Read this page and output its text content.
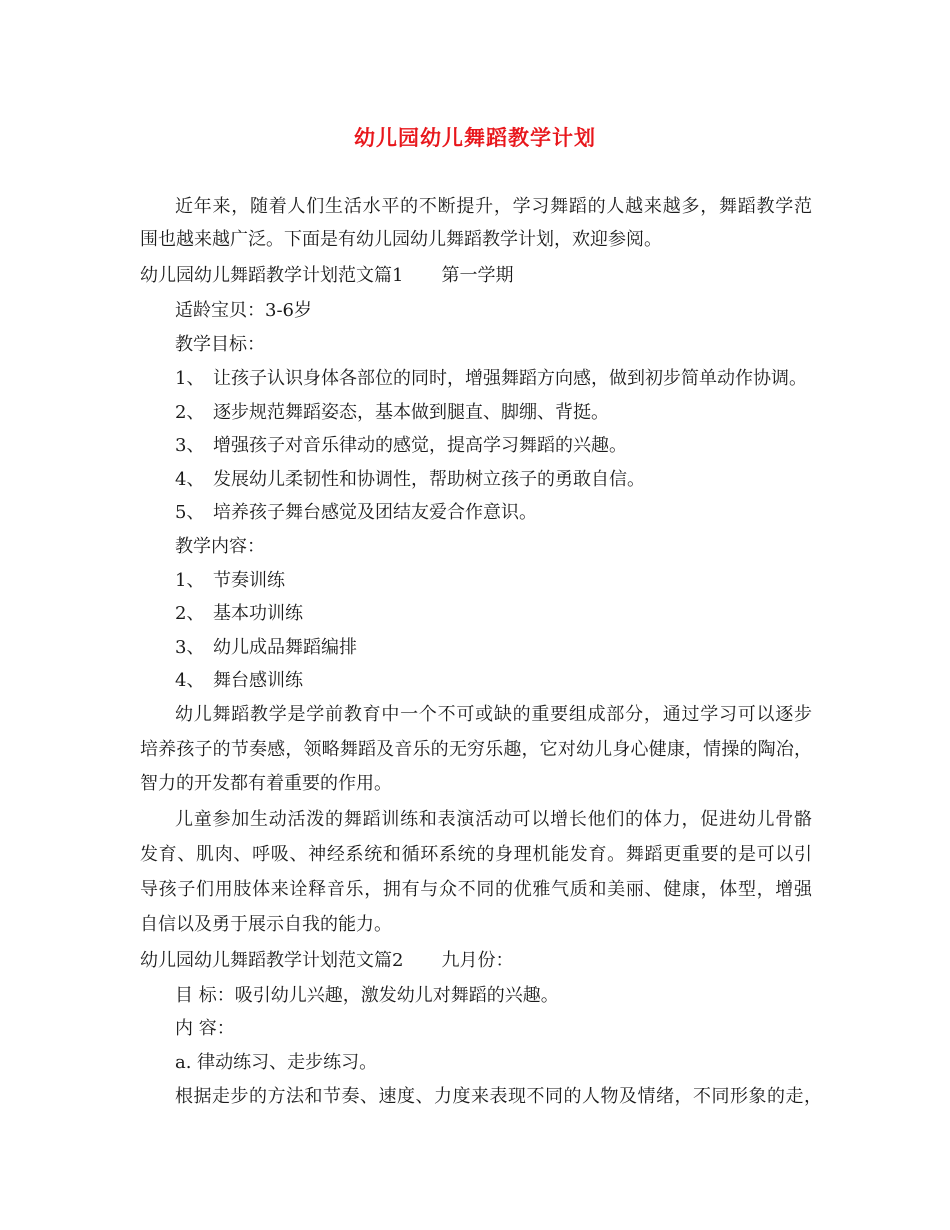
幼儿园幼儿舞蹈教学计划
近年来，随着人们生活水平的不断提升，学习舞蹈的人越来越多，舞蹈教学范
围也越来越广泛。下面是有幼儿园幼儿舞蹈教学计划，欢迎参阅。
幼儿园幼儿舞蹈教学计划范文篇1 第一学期
适龄宝贝：3-6岁
教学目标：
1、 让孩子认识身体各部位的同时，增强舞蹈方向感，做到初步简单动作协调。
2、 逐步规范舞蹈姿态，基本做到腿直、脚绷、背挺。
3、 增强孩子对音乐律动的感觉，提高学习舞蹈的兴趣。
4、 发展幼儿柔韧性和协调性，帮助树立孩子的勇敢自信。
5、 培养孩子舞台感觉及团结友爱合作意识。
教学内容：
1、 节奏训练
2、 基本功训练
3、 幼儿成品舞蹈编排
4、 舞台感训练
幼儿舞蹈教学是学前教育中一个不可或缺的重要组成部分，通过学习可以逐步
培养孩子的节奏感，领略舞蹈及音乐的无穷乐趣，它对幼儿身心健康，情操的陶冶，
智力的开发都有着重要的作用。
儿童参加生动活泼的舞蹈训练和表演活动可以增长他们的体力，促进幼儿骨骼
发育、肌肉、呼吸、神经系统和循环系统的身理机能发育。舞蹈更重要的是可以引
导孩子们用肢体来诠释音乐，拥有与众不同的优雅气质和美丽、健康，体型，增强
自信以及勇于展示自我的能力。
幼儿园幼儿舞蹈教学计划范文篇2 九月份：
目 标：吸引幼儿兴趣，激发幼儿对舞蹈的兴趣。
内 容：
a. 律动练习、走步练习。
根据走步的方法和节奏、速度、力度来表现不同的人物及情绪，不同形象的走，
